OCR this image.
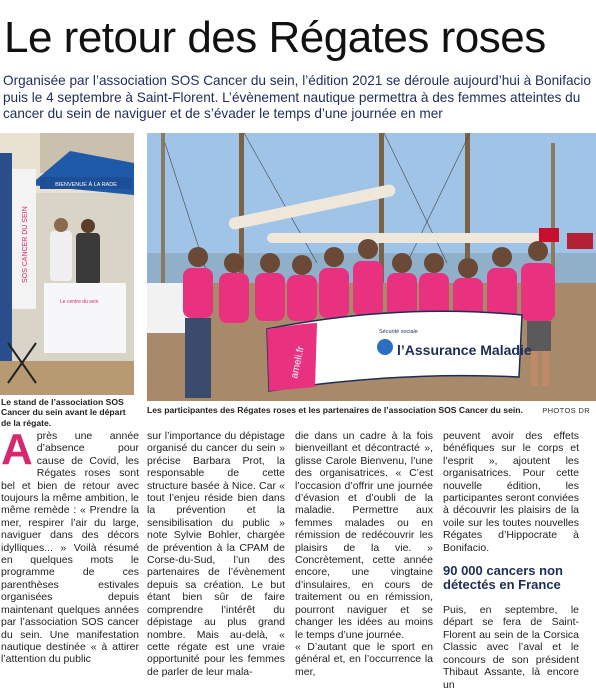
Le retour des Régates roses
Organisée par l’association SOS Cancer du sein, l’édition 2021 se déroule aujourd’hui à Bonifacio puis le 4 septembre à Saint-Florent. L’évènement nautique permettra à des femmes atteintes du cancer du sein de naviguer et de s’évader le temps d’une journée en mer
BIENVENUE À LA RADE
SOS CANCER DU SEIN
Le centre du sein
ameli.fr
Sécurité sociale
l’Assurance Maladie
Le stand de l’association SOS Cancer du sein avant le départ de la régate.
Les participantes des Régates roses et les partenaires de l’association SOS Cancer du sein.	PHOTOS DR
A près une année d’absence pour cause de Covid, les Régates roses sont bel et bien de retour avec toujours la même ambition, le même remède : « Prendre la mer, respirer l’air du large, naviguer dans des décors idylliques... » Voilà résumé en quelques mots le programme de ces parenthèses estivales organisées depuis maintenant quelques années par l’association SOS cancer du sein. Une manifestation nautique destinée « à attirer l’attention du public

sur l’importance du dépistage organisé du cancer du sein » précise Barbara Prot, la responsable de cette structure basée à Nice. Car « tout l’enjeu réside bien dans la prévention et la sensibilisation du public » note Sylvie Bohler, chargée de prévention à la CPAM de Corse-du-Sud, l’un des partenaires de l’évènement depuis sa création. Le but étant bien sûr de faire comprendre l’intérêt du dépistage au plus grand nombre. Mais au-delà, « cette régate est une vraie opportunité pour les femmes de parler de leur mala-

die dans un cadre à la fois bienveillant et décontracté », glisse Carole Bienvenu, l’une des organisatrices. « C’est l’occasion d’offrir une journée d’évasion et d’oubli de la maladie. Permettre aux femmes malades ou en rémission de redécouvrir les plaisirs de la vie. » Concrètement, cette année encore, une vingtaine d’insulaires, en cours de traitement ou en rémission, pourront naviguer et se changer les idées au moins le temps d’une journée.

« D’autant que le sport en général et, en l’occurrence la mer,

peuvent avoir des effets bénéfiques sur le corps et l’esprit », ajoutent les organisatrices. Pour cette nouvelle édition, les participantes seront conviées à découvrir les plaisirs de la voile sur les toutes nouvelles Régates d’Hippocrate à Bonifacio.

90 000 cancers non détectés en France

Puis, en septembre, le départ se fera de Saint-Florent au sein de la Corsica Classic avec l’aval et le concours de son président Thibaut Assante, là encore un
